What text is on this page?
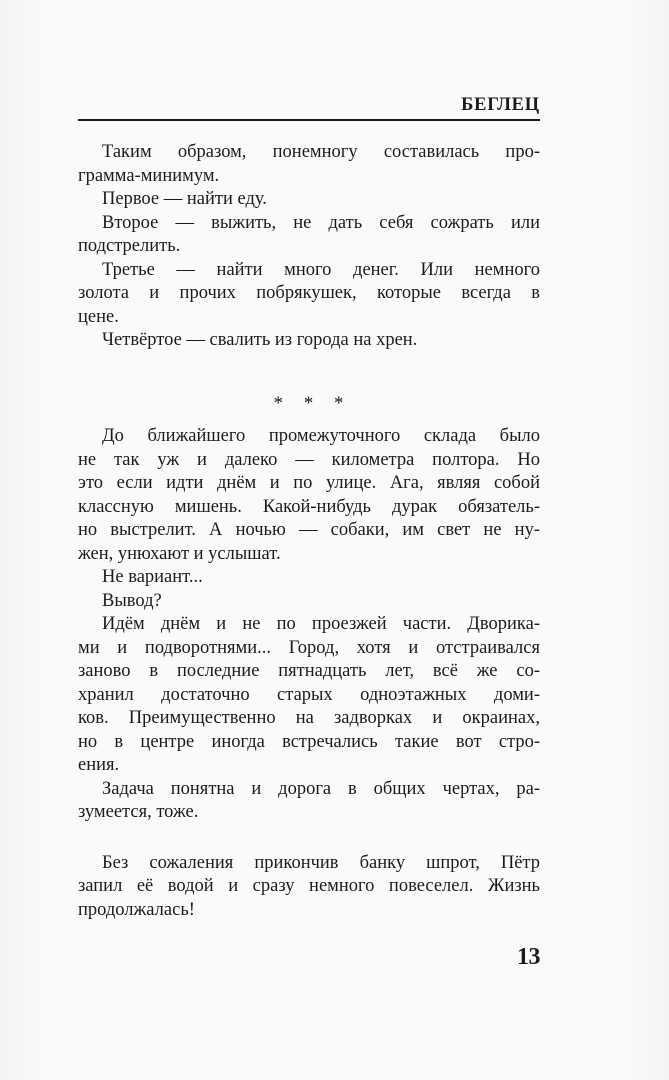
БЕГЛЕЦ

Таким образом, понемногу составилась про-
грамма-минимум.

Первое — найти еду.

Второе — выжить, не дать себя сожрать или
подстрелить.

Третье — найти много денег. Или немного
золота и прочих побрякушек, которые всегда в
цене.

Четвёртое — свалить из города на хрен.

* * *

До ближайшего промежуточного склада было
не так уж и далеко — километра полтора. Но
это если идти днём и по улице. Ага, являя собой
классную мишень. Какой-нибудь дурак обязатель-
но выстрелит. А ночью — собаки, им свет не ну-
жен, унюхают и услышат.

Не вариант...

Вывод?

Идём днём и не по проезжей части. Дворика-
ми и подворотнями... Город, хотя и отстраивался
заново в последние пятнадцать лет, всё же со-
хранил достаточно старых одноэтажных доми-
ков. Преимущественно на задворках и окраинах,
но в центре иногда встречались такие вот стро-
ения.

Задача понятна и дорога в общих чертах, ра-
зумеется, тоже.

Без сожаления прикончив банку шпрот, Пётр
запил её водой и сразу немного повеселел. Жизнь
продолжалась!

13
